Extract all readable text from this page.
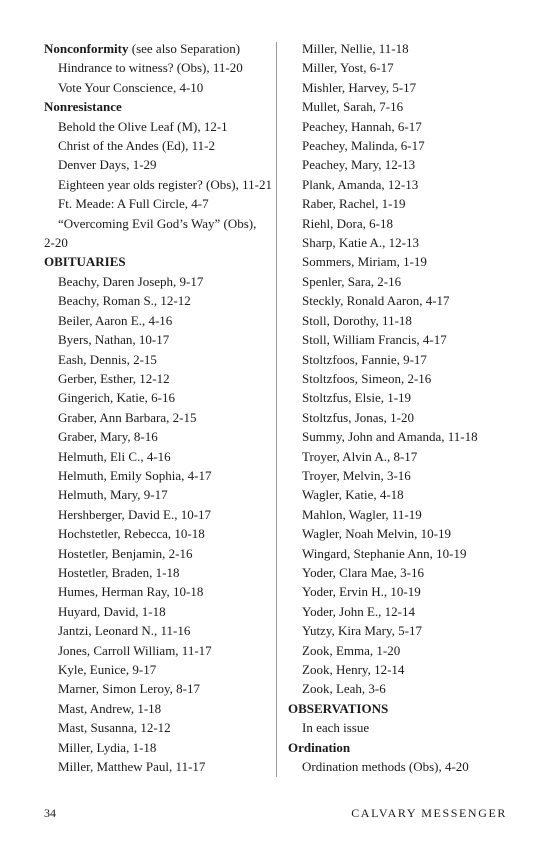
Nonconformity (see also Separation)
Hindrance to witness? (Obs), 11-20
Vote Your Conscience, 4-10
Nonresistance
Behold the Olive Leaf (M), 12-1
Christ of the Andes (Ed), 11-2
Denver Days, 1-29
Eighteen year olds register? (Obs), 11-21
Ft. Meade: A Full Circle, 4-7
“Overcoming Evil God’s Way” (Obs),
2-20
OBITUARIES
Beachy, Daren Joseph, 9-17
Beachy, Roman S., 12-12
Beiler, Aaron E., 4-16
Byers, Nathan, 10-17
Eash, Dennis, 2-15
Gerber, Esther, 12-12
Gingerich, Katie, 6-16
Graber, Ann Barbara, 2-15
Graber, Mary, 8-16
Helmuth, Eli C., 4-16
Helmuth, Emily Sophia, 4-17
Helmuth, Mary, 9-17
Hershberger, David E., 10-17
Hochstetler, Rebecca, 10-18
Hostetler, Benjamin, 2-16
Hostetler, Braden, 1-18
Humes, Herman Ray, 10-18
Huyard, David, 1-18
Jantzi, Leonard N., 11-16
Jones, Carroll William, 11-17
Kyle, Eunice, 9-17
Marner, Simon Leroy, 8-17
Mast, Andrew, 1-18
Mast, Susanna, 12-12
Miller, Lydia, 1-18
Miller, Matthew Paul, 11-17
Miller, Nellie, 11-18
Miller, Yost, 6-17
Mishler, Harvey, 5-17
Mullet, Sarah, 7-16
Peachey, Hannah, 6-17
Peachey, Malinda, 6-17
Peachey, Mary, 12-13
Plank, Amanda, 12-13
Raber, Rachel, 1-19
Riehl, Dora, 6-18
Sharp, Katie A., 12-13
Sommers, Miriam, 1-19
Spenler, Sara, 2-16
Steckly, Ronald Aaron, 4-17
Stoll, Dorothy, 11-18
Stoll, William Francis, 4-17
Stoltzfoos, Fannie, 9-17
Stoltzfoos, Simeon, 2-16
Stoltzfus, Elsie, 1-19
Stoltzfus, Jonas, 1-20
Summy, John and Amanda, 11-18
Troyer, Alvin A., 8-17
Troyer, Melvin, 3-16
Wagler, Katie, 4-18
Mahlon, Wagler, 11-19
Wagler, Noah Melvin, 10-19
Wingard, Stephanie Ann, 10-19
Yoder, Clara Mae, 3-16
Yoder, Ervin H., 10-19
Yoder, John E., 12-14
Yutzy, Kira Mary, 5-17
Zook, Emma, 1-20
Zook, Henry, 12-14
Zook, Leah, 3-6
OBSERVATIONS
In each issue
Ordination
Ordination methods (Obs), 4-20
34	CALVARY MESSENGER
